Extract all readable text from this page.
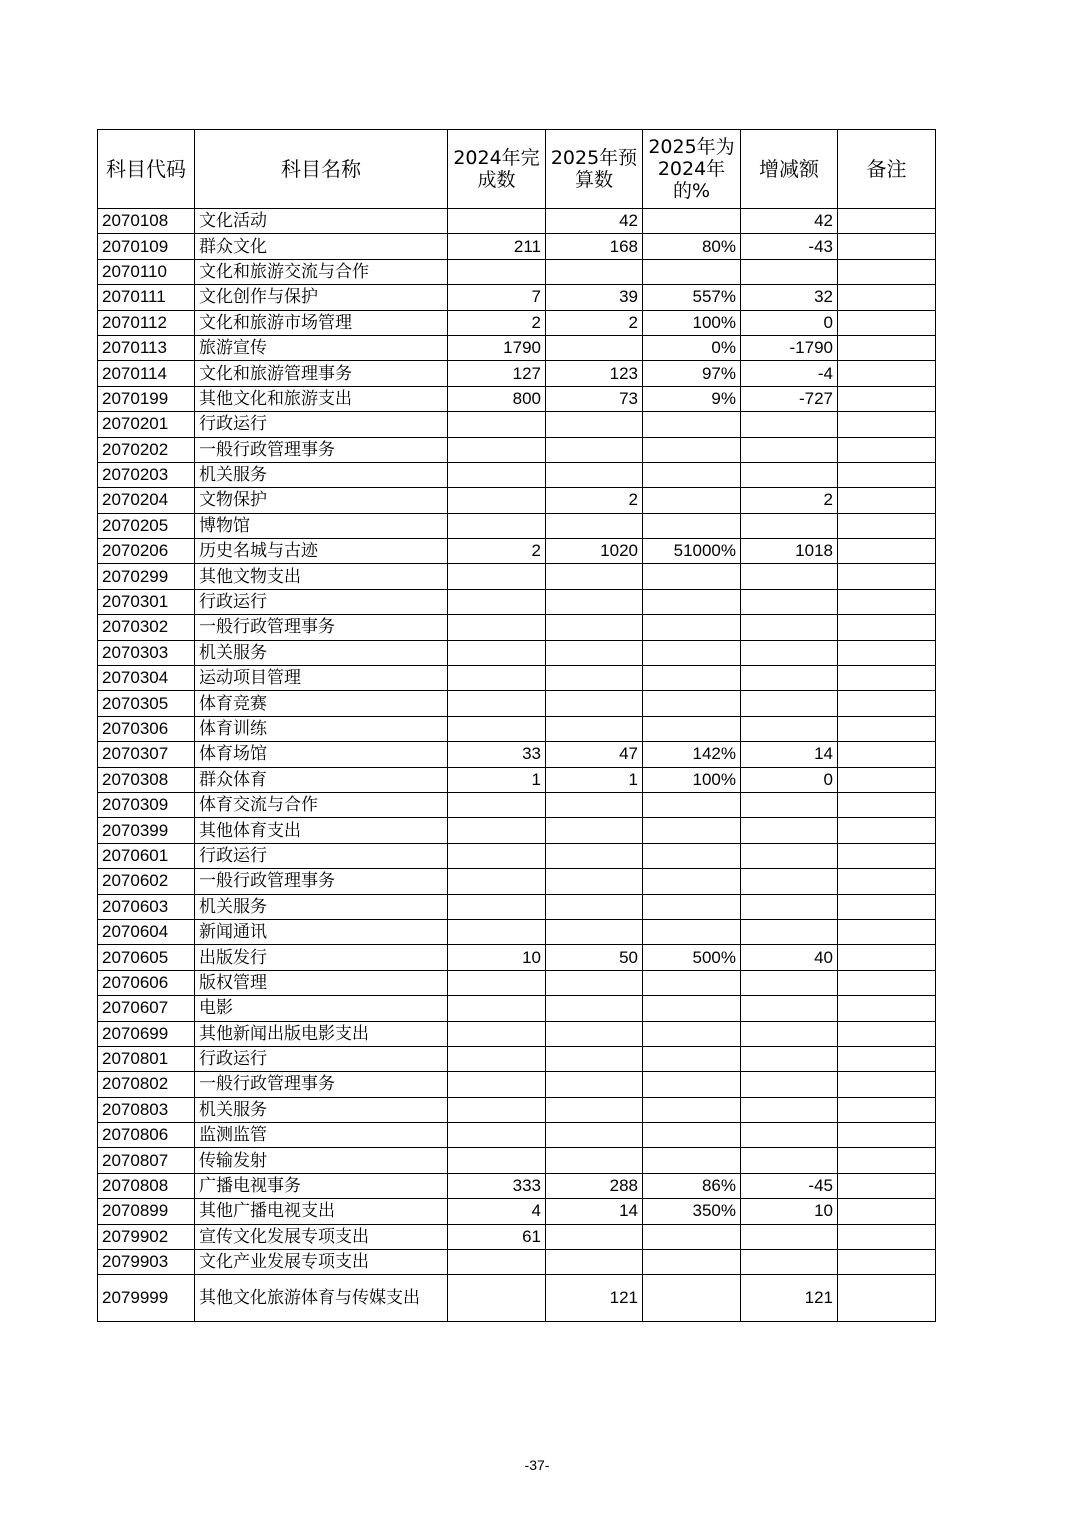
科目代码	科目名称	2024年完成数	2025年预算数	2025年为2024年的%	增减额	备注
2070108	文化活动		42		42	
2070109	群众文化	211	168	80%	-43	
2070110	文化和旅游交流与合作					
2070111	文化创作与保护	7	39	557%	32	
2070112	文化和旅游市场管理	2	2	100%	0	
2070113	旅游宣传	1790		0%	-1790	
2070114	文化和旅游管理事务	127	123	97%	-4	
2070199	其他文化和旅游支出	800	73	9%	-727	
2070201	行政运行					
2070202	一般行政管理事务					
2070203	机关服务					
2070204	文物保护		2		2	
2070205	博物馆					
2070206	历史名城与古迹	2	1020	51000%	1018	
2070299	其他文物支出					
2070301	行政运行					
2070302	一般行政管理事务					
2070303	机关服务					
2070304	运动项目管理					
2070305	体育竞赛					
2070306	体育训练					
2070307	体育场馆	33	47	142%	14	
2070308	群众体育	1	1	100%	0	
2070309	体育交流与合作					
2070399	其他体育支出					
2070601	行政运行					
2070602	一般行政管理事务					
2070603	机关服务					
2070604	新闻通讯					
2070605	出版发行	10	50	500%	40	
2070606	版权管理					
2070607	电影					
2070699	其他新闻出版电影支出					
2070801	行政运行					
2070802	一般行政管理事务					
2070803	机关服务					
2070806	监测监管					
2070807	传输发射					
2070808	广播电视事务	333	288	86%	-45	
2070899	其他广播电视支出	4	14	350%	10	
2079902	宣传文化发展专项支出	61				
2079903	文化产业发展专项支出					
2079999	其他文化旅游体育与传媒支出		121		121	
-37-
